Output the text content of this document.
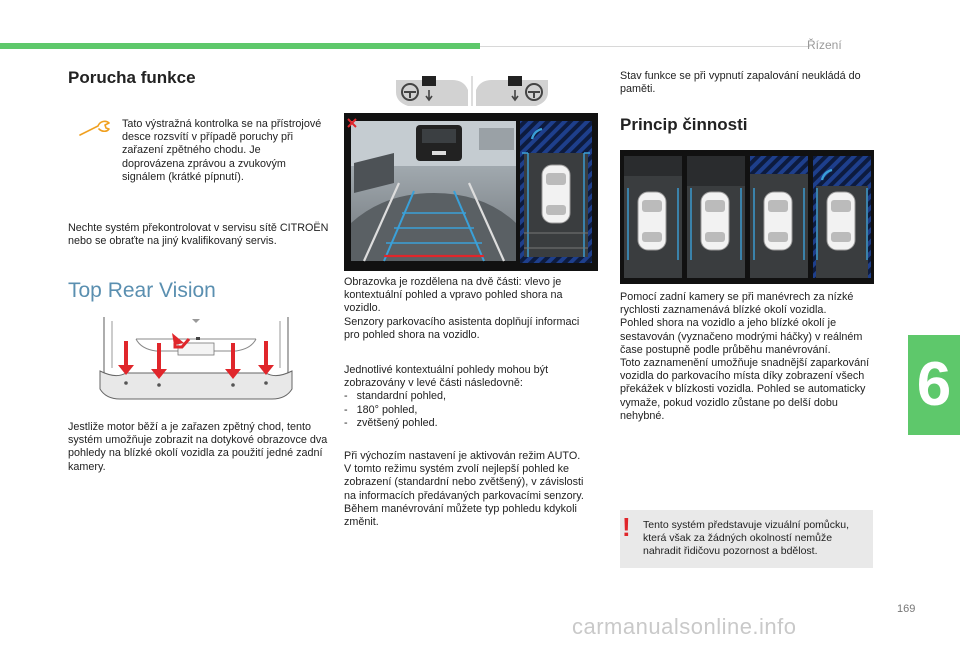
Řízení
6
Porucha funkce
Tato výstražná kontrolka se na přístrojové desce rozsvítí v případě poruchy při zařazení zpětného chodu. Je doprovázena zprávou a zvukovým signálem (krátké pípnutí).
Nechte systém překontrolovat v servisu sítě CITROËN nebo se obraťte na jiný kvalifikovaný servis.
Top Rear Vision
Jestliže motor běží a je zařazen zpětný chod, tento systém umožňuje zobrazit na dotykové obrazovce dva pohledy na blízké okolí vozidla za použití jedné zadní kamery.

Obrazovka je rozdělena na dvě části: vlevo je kontextuální pohled a vpravo pohled shora na vozidlo.

Senzory parkovacího asistenta doplňují informaci pro pohled shora na vozidlo.

Jednotlivé kontextuální pohledy mohou být zobrazovány v levé části následovně:

-   standardní pohled,
-   180° pohled,
-   zvětšený pohled.

Při výchozím nastavení je aktivován režim AUTO.

V tomto režimu systém zvolí nejlepší pohled ke zobrazení (standardní nebo zvětšený), v závislosti na informacích předávaných parkovacími senzory.

Během manévrování můžete typ pohledu kdykoli změnit.

Stav funkce se při vypnutí zapalování neukládá do paměti.
Princip činnosti

Pomocí zadní kamery se při manévrech za nízké rychlosti zaznamenává blízké okolí vozidla.

Pohled shora na vozidlo a jeho blízké okolí je sestavován (vyznačeno modrými háčky) v reálném čase postupně podle průběhu manévrování.

Toto zaznamenění umožňuje snadnější zaparkování vozidla do parkovacího místa díky zobrazení všech překážek v blízkosti vozidla. Pohled se automaticky vymaže, pokud vozidlo zůstane po delší dobu nehybné.

! Tento systém představuje vizuální pomůcku, která však za žádných okolností nemůže nahradit řidičovu pozornost a bdělost.
169
carmanualsonline.info
